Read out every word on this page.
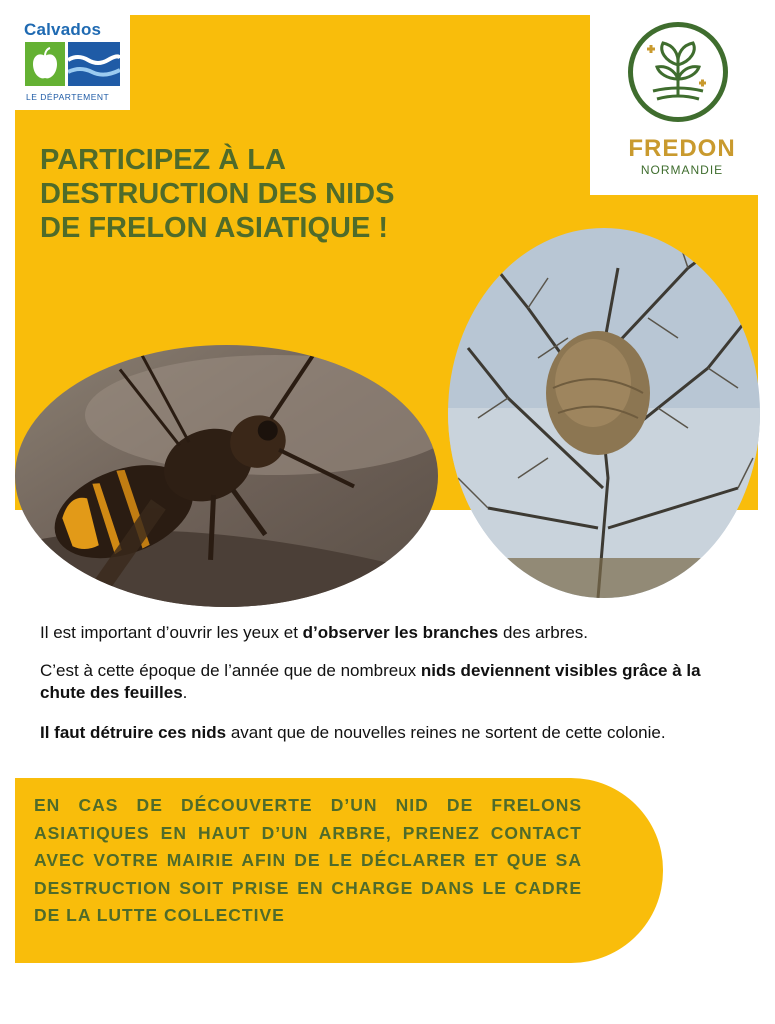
Calvados
LE DÉPARTEMENT
FREDON
NORMANDIE
PARTICIPEZ À LA
DESTRUCTION DES NIDS
DE FRELON ASIATIQUE !
Il est important d’ouvrir les yeux et d’observer les branches des arbres.
C’est à cette époque de l’année que de nombreux nids deviennent visibles grâce à la chute des feuilles.
Il faut détruire ces nids avant que de nouvelles reines ne sortent de cette colonie.
EN CAS DE DÉCOUVERTE D’UN NID DE FRELONS ASIATIQUES EN HAUT D’UN ARBRE, PRENEZ CONTACT AVEC VOTRE MAIRIE AFIN DE LE DÉCLARER ET QUE SA DESTRUCTION SOIT PRISE EN CHARGE DANS LE CADRE DE LA LUTTE COLLECTIVE
